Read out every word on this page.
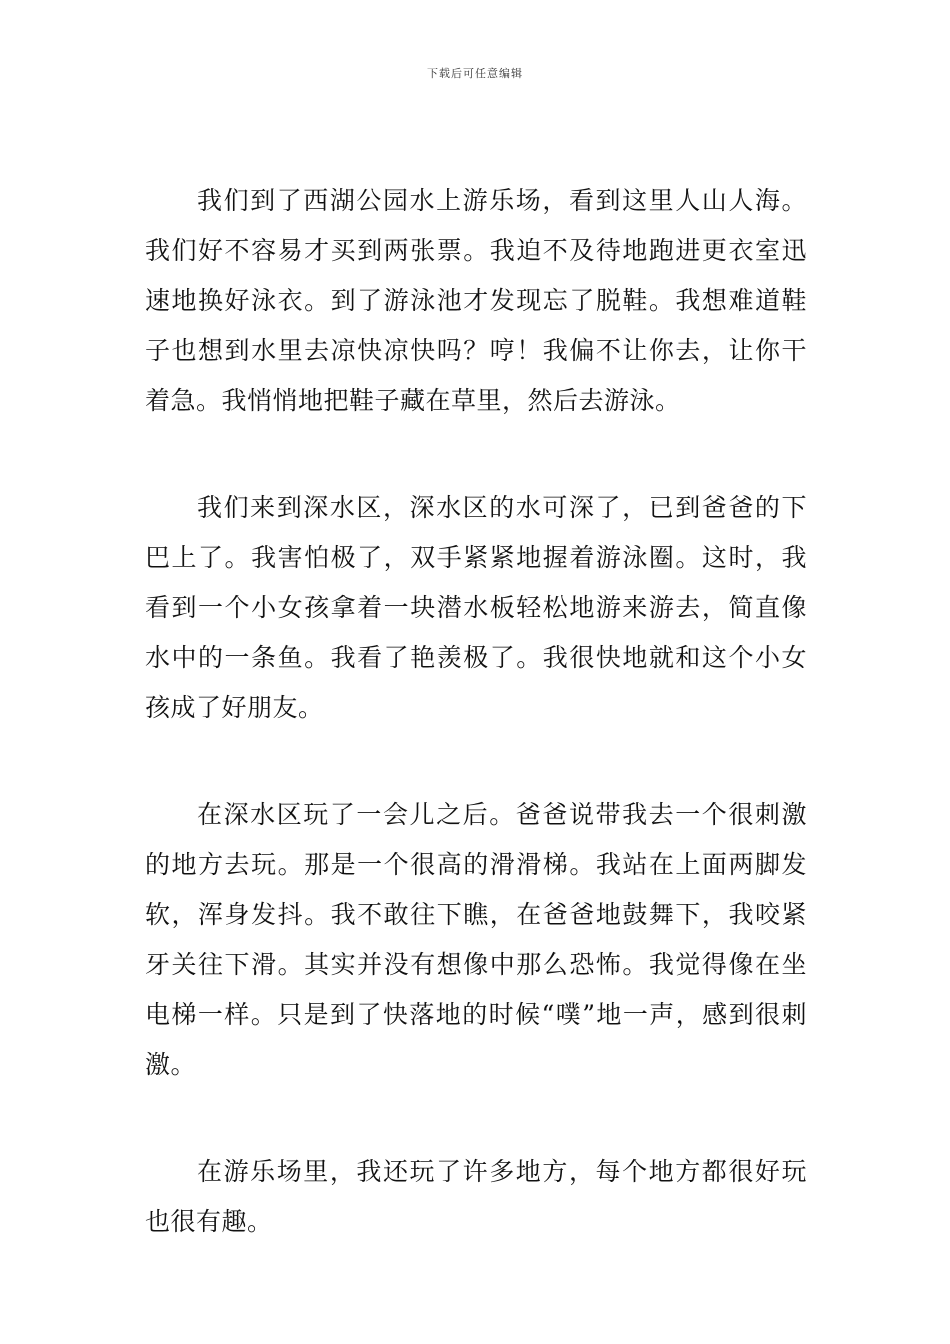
下载后可任意编辑

我们到了西湖公园水上游乐场，看到这里人山人海。我们好不容易才买到两张票。我迫不及待地跑进更衣室迅速地换好泳衣。到了游泳池才发现忘了脱鞋。我想难道鞋子也想到水里去凉快凉快吗？哼！我偏不让你去，让你干着急。我悄悄地把鞋子藏在草里，然后去游泳。

我们来到深水区，深水区的水可深了，已到爸爸的下巴上了。我害怕极了，双手紧紧地握着游泳圈。这时，我看到一个小女孩拿着一块潜水板轻松地游来游去，简直像水中的一条鱼。我看了艳羡极了。我很快地就和这个小女孩成了好朋友。

在深水区玩了一会儿之后。爸爸说带我去一个很刺激的地方去玩。那是一个很高的滑滑梯。我站在上面两脚发软，浑身发抖。我不敢往下瞧，在爸爸地鼓舞下，我咬紧牙关往下滑。其实并没有想像中那么恐怖。我觉得像在坐电梯一样。只是到了快落地的时候“噗”地一声，感到很刺激。

在游乐场里，我还玩了许多地方，每个地方都很好玩也很有趣。
